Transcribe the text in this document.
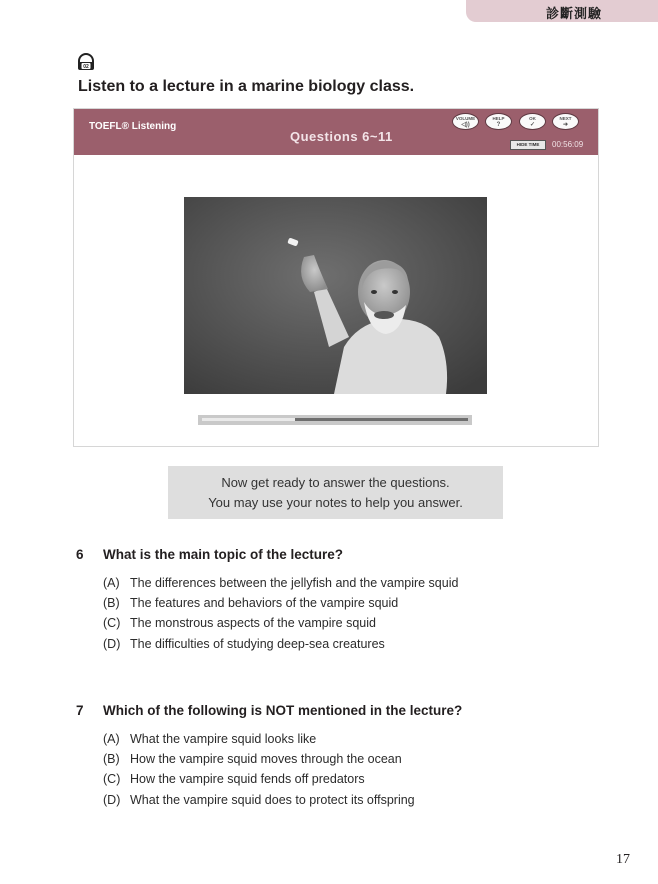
診斷測驗
02
Listen to a lecture in a marine biology class.
TOEFL® Listening
Questions 6~11
VOLUME
◁))
HELP
?
OK
✓
NEXT
➜
HIDE TIME	00:56:09
Now get ready to answer the questions.
You may use your notes to help you answer.
6 What is the main topic of the lecture?
(A) The differences between the jellyfish and the vampire squid
(B) The features and behaviors of the vampire squid
(C) The monstrous aspects of the vampire squid
(D) The difficulties of studying deep-sea creatures
7 Which of the following is NOT mentioned in the lecture?
(A) What the vampire squid looks like
(B) How the vampire squid moves through the ocean
(C) How the vampire squid fends off predators
(D) What the vampire squid does to protect its offspring
17
